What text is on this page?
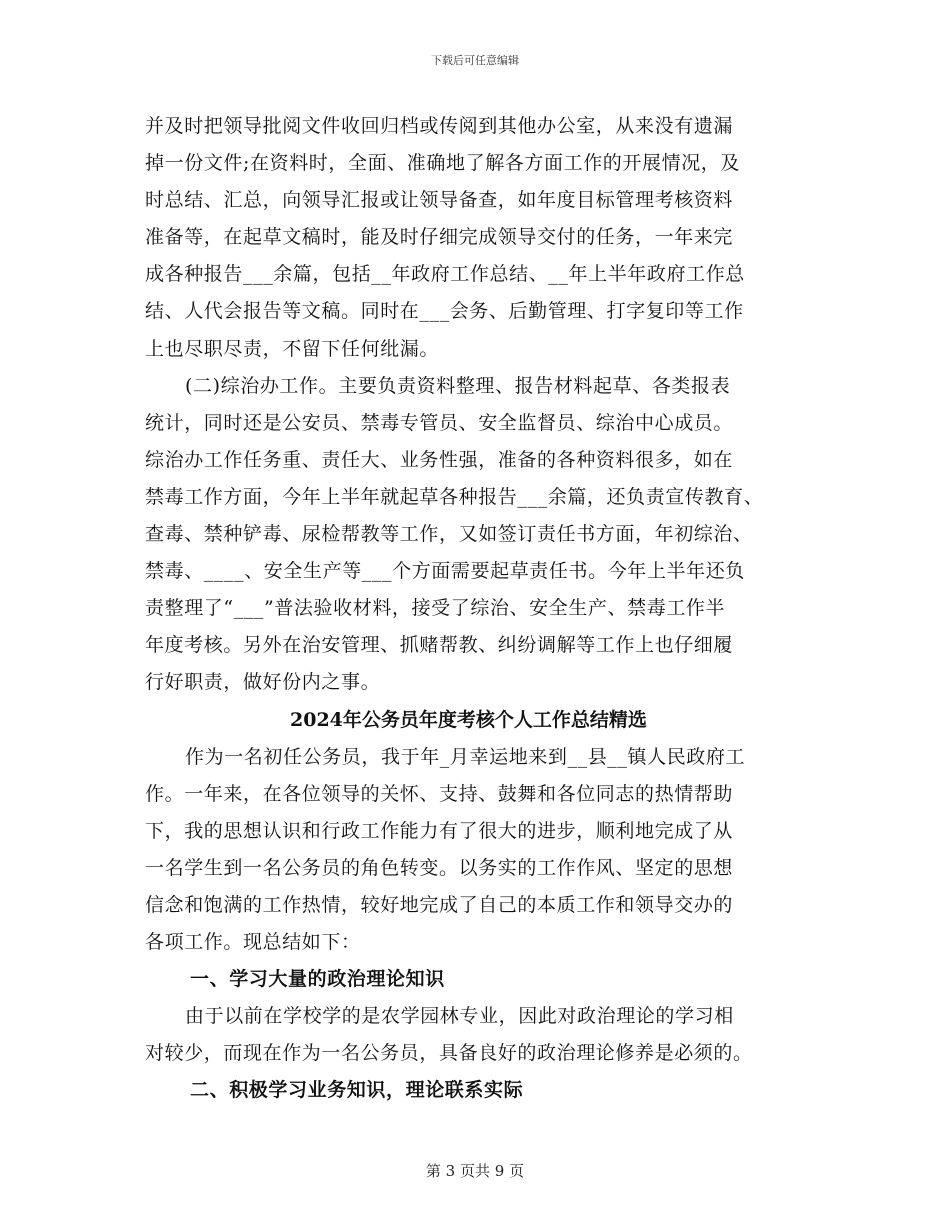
下载后可任意编辑
并及时把领导批阅文件收回归档或传阅到其他办公室，从来没有遗漏
掉一份文件;在资料时，全面、准确地了解各方面工作的开展情况，及
时总结、汇总，向领导汇报或让领导备查，如年度目标管理考核资料
准备等，在起草文稿时，能及时仔细完成领导交付的任务，一年来完
成各种报告___余篇，包括__年政府工作总结、__年上半年政府工作总
结、人代会报告等文稿。同时在___会务、后勤管理、打字复印等工作
上也尽职尽责，不留下任何纰漏。
(二)综治办工作。主要负责资料整理、报告材料起草、各类报表
统计，同时还是公安员、禁毒专管员、安全监督员、综治中心成员。
综治办工作任务重、责任大、业务性强，准备的各种资料很多，如在
禁毒工作方面，今年上半年就起草各种报告___余篇，还负责宣传教育、
查毒、禁种铲毒、尿检帮教等工作，又如签订责任书方面，年初综治、
禁毒、____、安全生产等___个方面需要起草责任书。今年上半年还负
责整理了“___”普法验收材料，接受了综治、安全生产、禁毒工作半
年度考核。另外在治安管理、抓赌帮教、纠纷调解等工作上也仔细履
行好职责，做好份内之事。
2024年公务员年度考核个人工作总结精选
作为一名初任公务员，我于年_月幸运地来到__县__镇人民政府工
作。一年来，在各位领导的关怀、支持、鼓舞和各位同志的热情帮助
下，我的思想认识和行政工作能力有了很大的进步，顺利地完成了从
一名学生到一名公务员的角色转变。以务实的工作作风、坚定的思想
信念和饱满的工作热情，较好地完成了自己的本质工作和领导交办的
各项工作。现总结如下：
一、学习大量的政治理论知识
由于以前在学校学的是农学园林专业，因此对政治理论的学习相
对较少，而现在作为一名公务员，具备良好的政治理论修养是必须的。
二、积极学习业务知识，理论联系实际
第 3 页共 9 页
